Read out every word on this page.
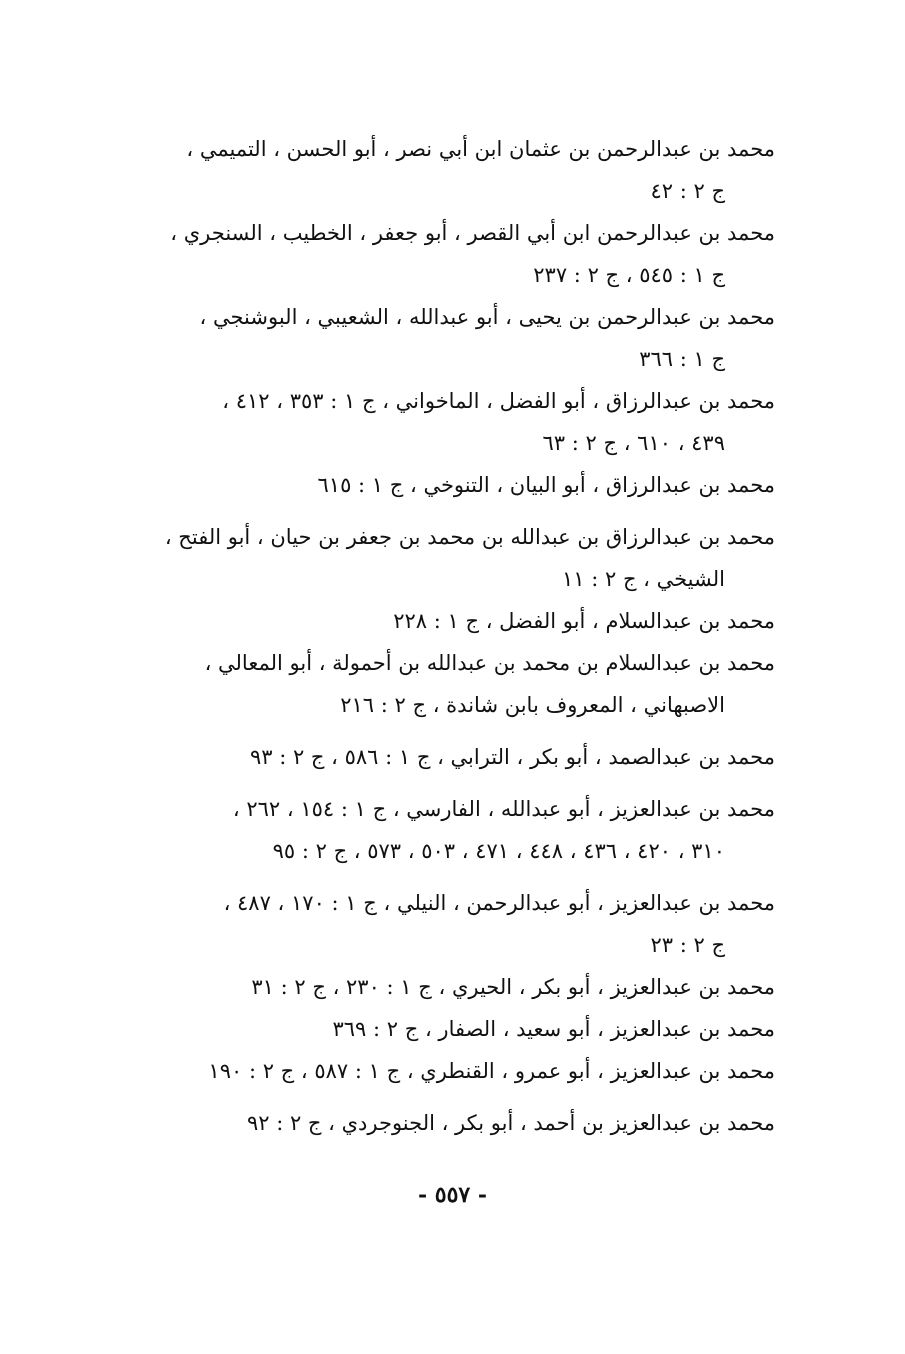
محمد بن عبدالرحمن بن عثمان ابن أبي نصر ، أبو الحسن ، التميمي ،
ج ٢ : ٤٢

محمد بن عبدالرحمن ابن أبي القصر ، أبو جعفر ، الخطيب ، السنجري ،
ج ١ : ٥٤٥ ، ج ٢ : ٢٣٧

محمد بن عبدالرحمن بن يحيى ، أبو عبدالله ، الشعيبي ، البوشنجي ،
ج ١ : ٣٦٦

محمد بن عبدالرزاق ، أبو الفضل ، الماخواني ، ج ١ : ٣٥٣ ، ٤١٢ ،
٤٣٩ ، ٦١٠ ، ج ٢ : ٦٣

محمد بن عبدالرزاق ، أبو البيان ، التنوخي ، ج ١ : ٦١٥

محمد بن عبدالرزاق بن عبدالله بن محمد بن جعفر بن حيان ، أبو الفتح ،
الشيخي ، ج ٢ : ١١

محمد بن عبدالسلام ، أبو الفضل ، ج ١ : ٢٢٨

محمد بن عبدالسلام بن محمد بن عبدالله بن أحمولة ، أبو المعالي ،
الاصبهاني ، المعروف بابن شاندة ، ج ٢ : ٢١٦

محمد بن عبدالصمد ، أبو بكر ، الترابي ، ج ١ : ٥٨٦ ، ج ٢ : ٩٣

محمد بن عبدالعزيز ، أبو عبدالله ، الفارسي ، ج ١ : ١٥٤ ، ٢٦٢ ،
٣١٠ ، ٤٢٠ ، ٤٣٦ ، ٤٤٨ ، ٤٧١ ، ٥٠٣ ، ٥٧٣ ، ج ٢ : ٩٥

محمد بن عبدالعزيز ، أبو عبدالرحمن ، النيلي ، ج ١ : ١٧٠ ، ٤٨٧ ،
ج ٢ : ٢٣

محمد بن عبدالعزيز ، أبو بكر ، الحيري ، ج ١ : ٢٣٠ ، ج ٢ : ٣١

محمد بن عبدالعزيز ، أبو سعيد ، الصفار ، ج ٢ : ٣٦٩

محمد بن عبدالعزيز ، أبو عمرو ، القنطري ، ج ١ : ٥٨٧ ، ج ٢ : ١٩٠

محمد بن عبدالعزيز بن أحمد ، أبو بكر ، الجنوجردي ، ج ٢ : ٩٢

- ٥٥٧ -
